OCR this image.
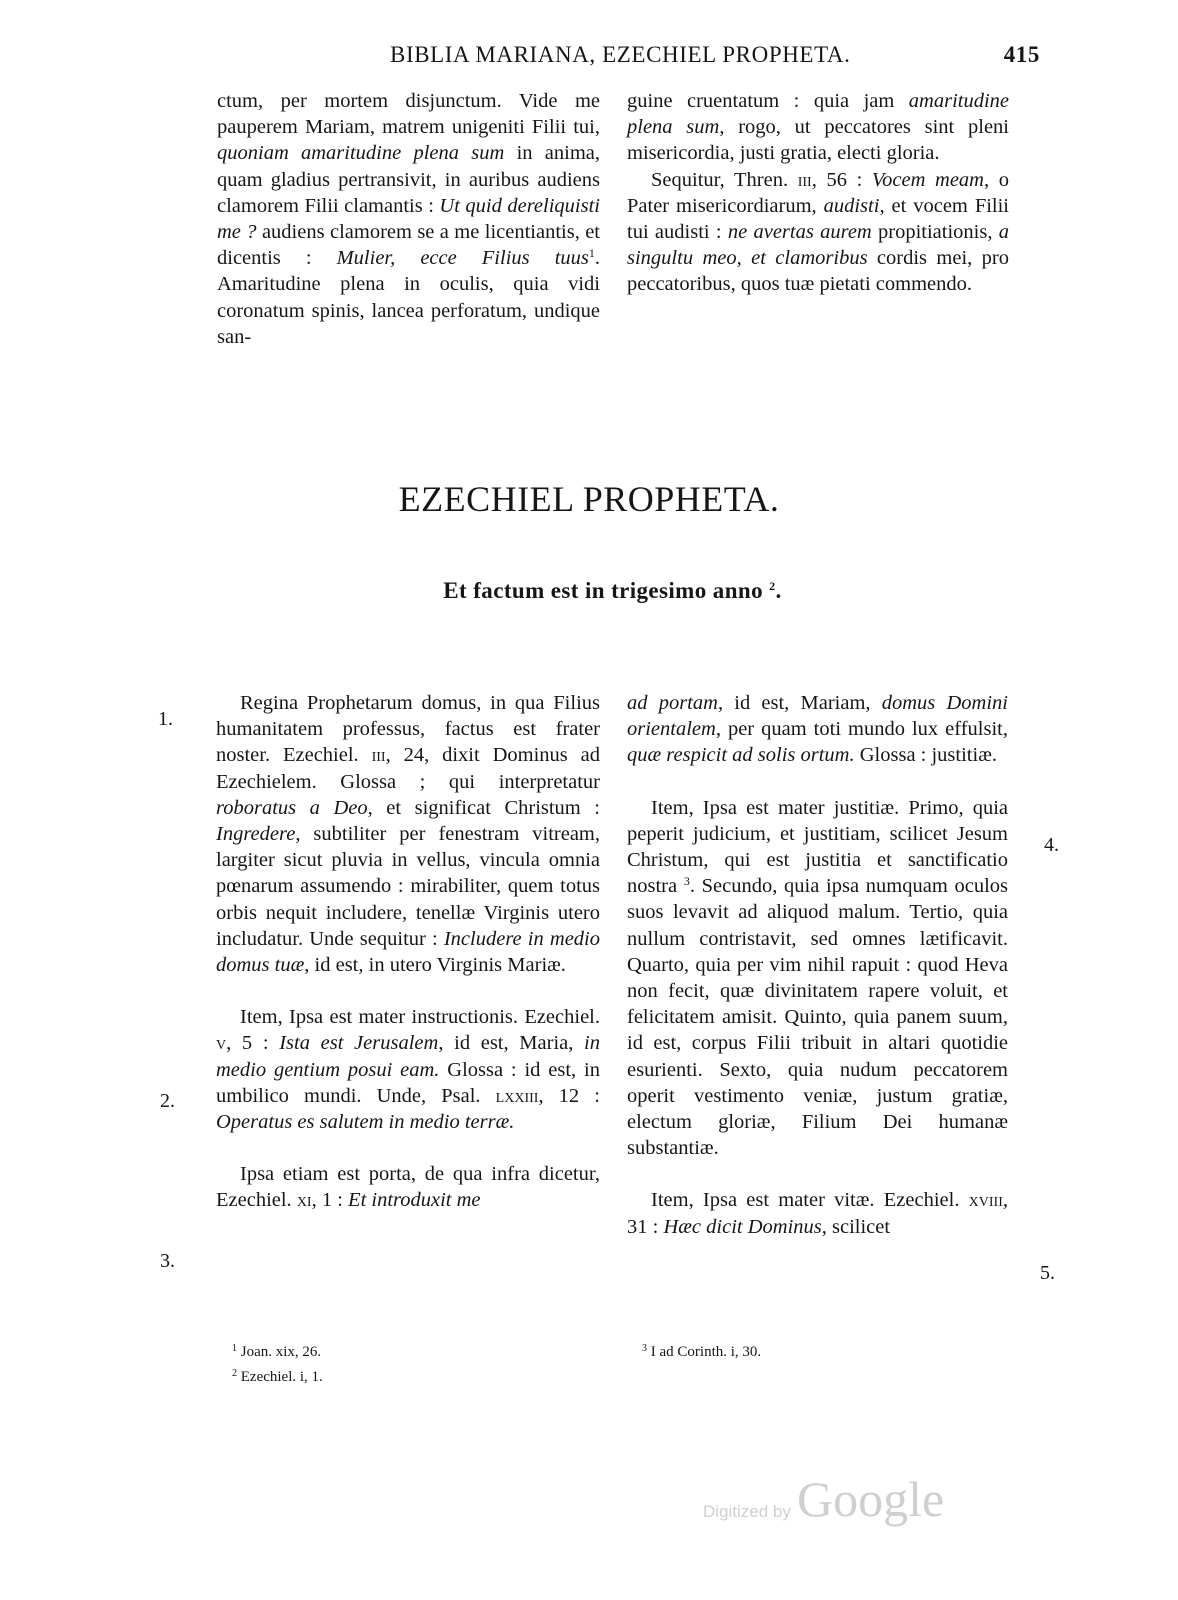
BIBLIA MARIANA, EZECHIEL PROPHETA.	415

ctum, per mortem disjunctum. Vide me pauperem Mariam, matrem unigeniti Filii tui, quoniam amaritudine plena sum in anima, quam gladius pertransivit, in auribus audiens clamorem Filii clamantis : Ut quid dereliquisti me ? audiens clamorem se a me licentiantis, et dicentis : Mulier, ecce Filius tuus$^1$. Amaritudine plena in oculis, quia vidi coronatum spinis, lancea perforatum, undique san-

guine cruentatum : quia jam amaritudine plena sum, rogo, ut peccatores sint pleni misericordia, justi gratia, electi gloria.

Sequitur, Thren. iii, 56 : Vocem meam, o Pater misericordiarum, audisti, et vocem Filii tui audisti : ne avertas aurem propitiationis, a singultu meo, et clamoribus cordis mei, pro peccatoribus, quos tuæ pietati commendo.

EZECHIEL PROPHETA.
Et factum est in trigesimo anno $^2$.
1.
2.
3.
4.
5.

Regina Prophetarum domus, in qua Filius humanitatem professus, factus est frater noster. Ezechiel. iii, 24, dixit Dominus ad Ezechielem. Glossa ; qui interpretatur roboratus a Deo, et significat Christum : Ingredere, subtiliter per fenestram vitream, largiter sicut pluvia in vellus, vincula omnia pœnarum assumendo : mirabiliter, quem totus orbis nequit includere, tenellæ Virginis utero includatur. Unde sequitur : Includere in medio domus tuæ, id est, in utero Virginis Mariæ.

Item, Ipsa est mater instructionis. Ezechiel. v, 5 : Ista est Jerusalem, id est, Maria, in medio gentium posui eam. Glossa : id est, in umbilico mundi. Unde, Psal. lxxiii, 12 : Operatus es salutem in medio terræ.

Ipsa etiam est porta, de qua infra dicetur, Ezechiel. xi, 1 : Et introduxit me

ad portam, id est, Mariam, domus Domini orientalem, per quam toti mundo lux effulsit, quæ respicit ad solis ortum. Glossa : justitiæ.

Item, Ipsa est mater justitiæ. Primo, quia peperit judicium, et justitiam, scilicet Jesum Christum, qui est justitia et sanctificatio nostra $^3$. Secundo, quia ipsa numquam oculos suos levavit ad aliquod malum. Tertio, quia nullum contristavit, sed omnes lætificavit. Quarto, quia per vim nihil rapuit : quod Heva non fecit, quæ divinitatem rapere voluit, et felicitatem amisit. Quinto, quia panem suum, id est, corpus Filii tribuit in altari quotidie esurienti. Sexto, quia nudum peccatorem operit vestimento veniæ, justum gratiæ, electum gloriæ, Filium Dei humanæ substantiæ.

Item, Ipsa est mater vitæ. Ezechiel. xviii, 31 : Hæc dicit Dominus, scilicet

$^1$ Joan. xix, 26.
$^2$ Ezechiel. i, 1.
$^3$ I ad Corinth. i, 30.
Digitized by Google
